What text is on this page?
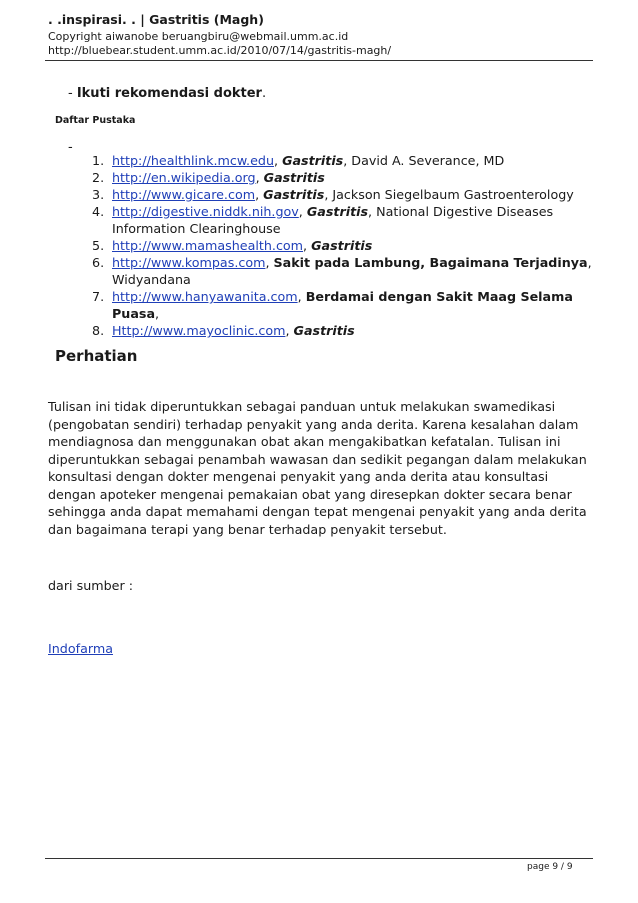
. .inspirasi. . | Gastritis (Magh)
Copyright aiwanobe beruangbiru@webmail.umm.ac.id
http://bluebear.student.umm.ac.id/2010/07/14/gastritis-magh/
- Ikuti rekomendasi dokter.
Daftar Pustaka
-
1. http://healthlink.mcw.edu, Gastritis, David A. Severance, MD
2. http://en.wikipedia.org, Gastritis
3. http://www.gicare.com, Gastritis, Jackson Siegelbaum Gastroenterology
4. http://digestive.niddk.nih.gov, Gastritis, National Digestive Diseases Information Clearinghouse
5. http://www.mamashealth.com, Gastritis
6. http://www.kompas.com, Sakit pada Lambung, Bagaimana Terjadinya, Widyandana
7. http://www.hanyawanita.com, Berdamai dengan Sakit Maag Selama Puasa,
8. Http://www.mayoclinic.com, Gastritis
Perhatian

Tulisan ini tidak diperuntukkan sebagai panduan untuk melakukan swamedikasi (pengobatan sendiri) terhadap penyakit yang anda derita. Karena kesalahan dalam mendiagnosa dan menggunakan obat akan mengakibatkan kefatalan. Tulisan ini diperuntukkan sebagai penambah wawasan dan sedikit pegangan dalam melakukan konsultasi dengan dokter mengenai penyakit yang anda derita atau konsultasi dengan apoteker mengenai pemakaian obat yang diresepkan dokter secara benar sehingga anda dapat memahami dengan tepat mengenai penyakit yang anda derita dan bagaimana terapi yang benar terhadap penyakit tersebut.

dari sumber :
Indofarma
page 9 / 9
